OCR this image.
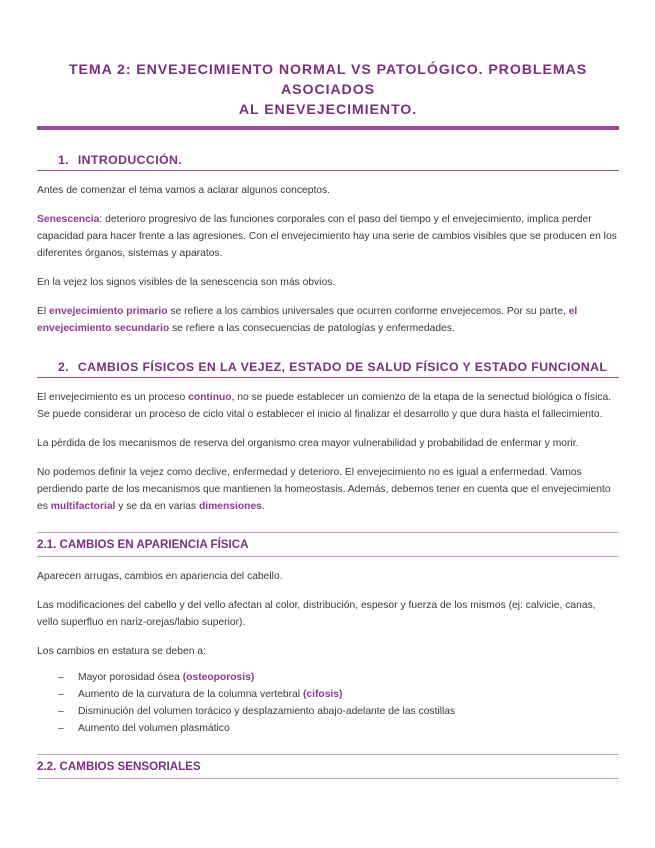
TEMA 2: ENVEJECIMIENTO NORMAL VS PATOLÓGICO. PROBLEMAS ASOCIADOS
AL ENEVEJECIMIENTO.
1. INTRODUCCIÓN.

Antes de comenzar el tema vamos a aclarar algunos conceptos.

Senescencia: deterioro progresivo de las funciones corporales con el paso del tiempo y el envejecimiento, implica perder capacidad para hacer frente a las agresiones. Con el envejecimiento hay una serie de cambios visibles que se producen en los diferentes órganos, sistemas y aparatos.

En la vejez los signos visibles de la senescencia son más obvios.

El envejecimiento primario se refiere a los cambios universales que ocurren conforme envejecemos. Por su parte, el envejecimiento secundario se refiere a las consecuencias de patologías y enfermedades.

2. CAMBIOS FÍSICOS EN LA VEJEZ, ESTADO DE SALUD FÍSICO Y ESTADO FUNCIONAL

El envejecimiento es un proceso continuo, no se puede establecer un comienzo de la etapa de la senectud biológica o física. Se puede considerar un proceso de ciclo vital o establecer el inicio al finalizar el desarrollo y que dura hasta el fallecimiento.

La pérdida de los mecanismos de reserva del organismo crea mayor vulnerabilidad y probabilidad de enfermar y morir.

No podemos definir la vejez como declive, enfermedad y deterioro. El envejecimiento no es igual a enfermedad. Vamos perdiendo parte de los mecanismos que mantienen la homeostasis. Además, debemos tener en cuenta que el envejecimiento es multifactorial y se da en varias dimensiones.

2.1. CAMBIOS EN APARIENCIA FÍSICA

Aparecen arrugas, cambios en apariencia del cabello.

Las modificaciones del cabello y del vello afectan al color, distribución, espesor y fuerza de los mismos (ej: calvicie, canas, vello superfluo en nariz-orejas/labio superior).

Los cambios en estatura se deben a:

– Mayor porosidad ósea (osteoporosis)
– Aumento de la curvatura de la columna vertebral (cifosis)
– Disminución del volumen torácico y desplazamiento abajo-adelante de las costillas
– Aumento del volumen plasmático
2.2. CAMBIOS SENSORIALES
